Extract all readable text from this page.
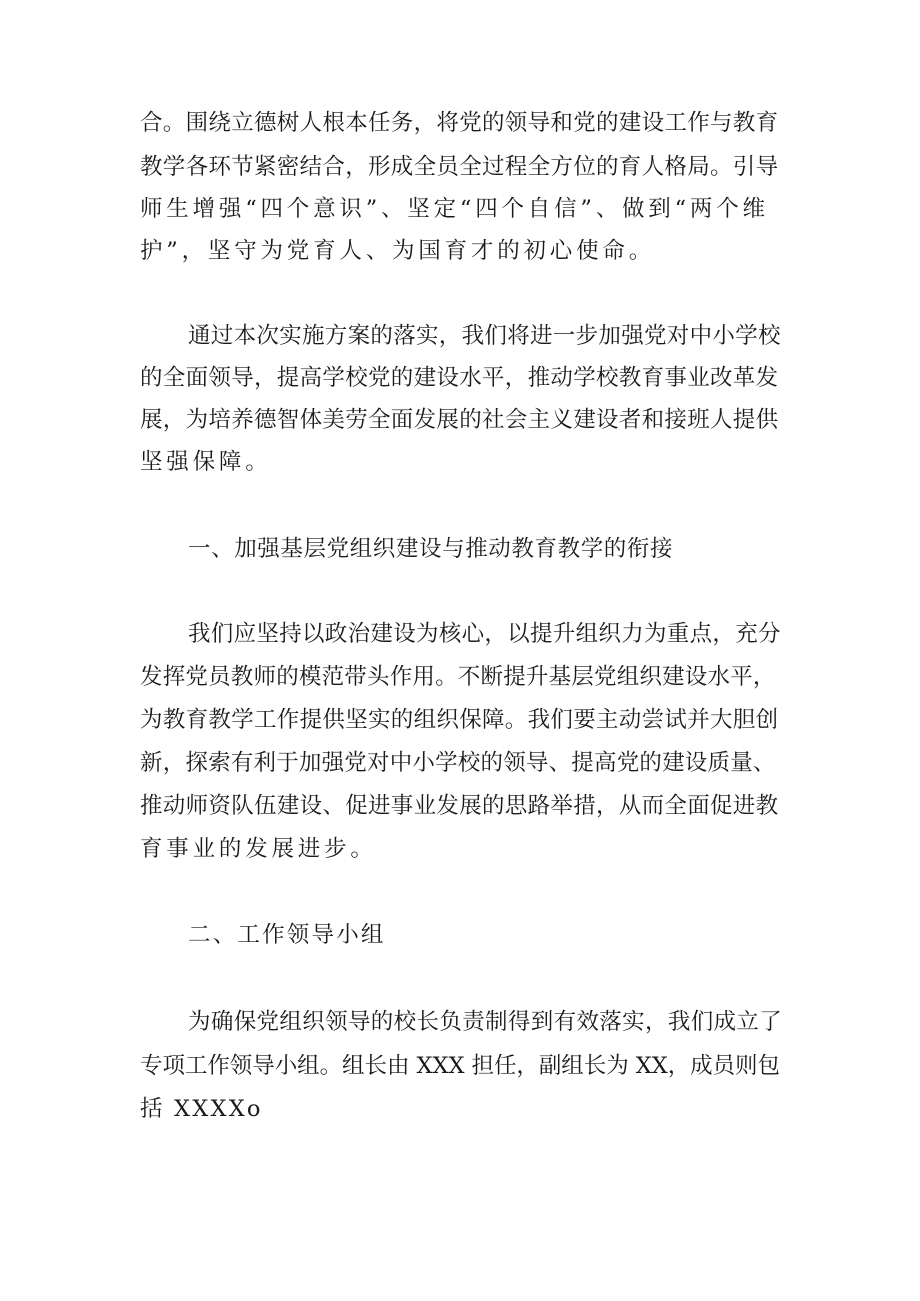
合。围绕立德树人根本任务，将党的领导和党的建设工作与教育
教学各环节紧密结合，形成全员全过程全方位的育人格局。引导
师生增强“四个意识”、坚定“四个自信”、做到“两个维
护”，坚守为党育人、为国育才的初心使命。
通过本次实施方案的落实，我们将进一步加强党对中小学校
的全面领导，提高学校党的建设水平，推动学校教育事业改革发
展，为培养德智体美劳全面发展的社会主义建设者和接班人提供
坚强保障。
一、加强基层党组织建设与推动教育教学的衔接
我们应坚持以政治建设为核心，以提升组织力为重点，充分
发挥党员教师的模范带头作用。不断提升基层党组织建设水平，
为教育教学工作提供坚实的组织保障。我们要主动尝试并大胆创
新，探索有利于加强党对中小学校的领导、提高党的建设质量、
推动师资队伍建设、促进事业发展的思路举措，从而全面促进教
育事业的发展进步。
二、工作领导小组
为确保党组织领导的校长负责制得到有效落实，我们成立了
专项工作领导小组。组长由 XXX 担任，副组长为 XX，成员则包
括 XXXXo
